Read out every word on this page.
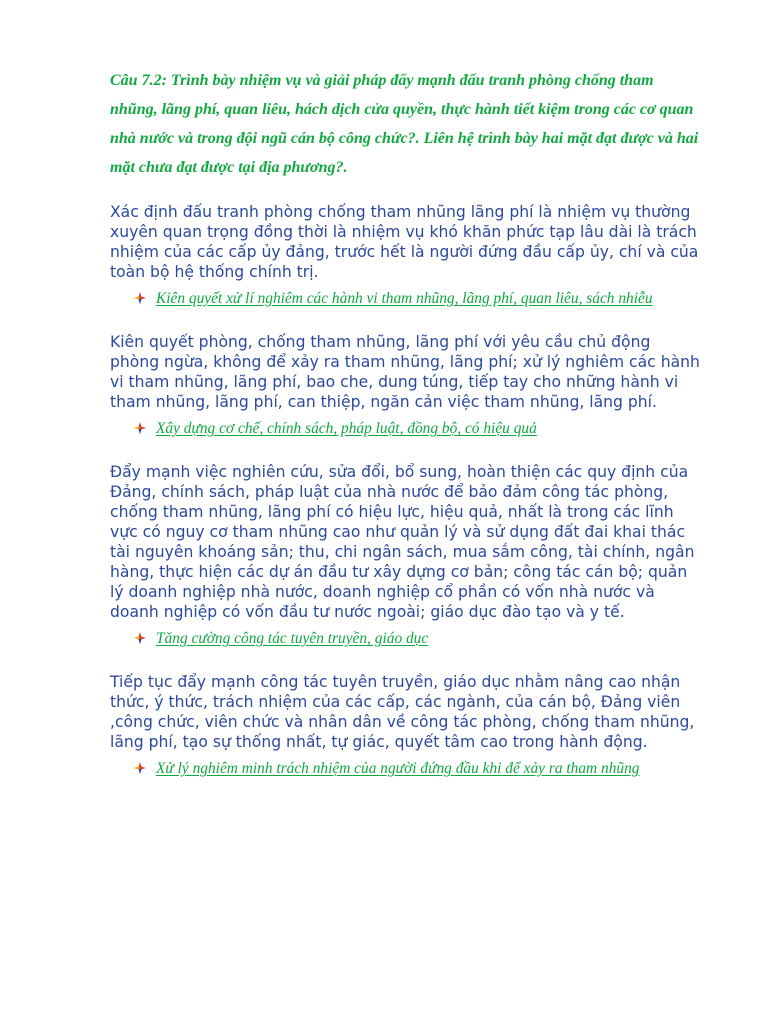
Câu 7.2: Trình bày nhiệm vụ và giải pháp đẩy mạnh đấu tranh phòng chống tham nhũng, lãng phí, quan liêu, hách dịch cửa quyền, thực hành tiết kiệm trong các cơ quan nhà nước và trong đội ngũ cán bộ công chức?. Liên hệ trình bày hai mặt đạt được và hai mặt chưa đạt được tại địa phương?.

Xác định đấu tranh phòng chống tham nhũng lãng phí là nhiệm vụ thường xuyên quan trọng đồng thời là nhiệm vụ khó khăn phức tạp lâu dài là trách nhiệm của các cấp ủy đảng, trước hết là người đứng đầu cấp ủy, chí và của toàn bộ hệ thống chính trị.

Kiên quyết xử lí nghiêm các hành vi tham nhũng, lãng phí, quan liêu, sách nhiễu

Kiên quyết phòng, chống tham nhũng, lãng phí với yêu cầu chủ động phòng ngừa, không để xảy ra tham nhũng, lãng phí; xử lý nghiêm các hành vi tham nhũng, lãng phí, bao che, dung túng, tiếp tay cho những hành vi tham nhũng, lãng phí, can thiệp, ngăn cản việc tham nhũng, lãng phí.

Xây dựng cơ chế, chính sách, pháp luật, đồng bộ, có hiệu quả

Đẩy mạnh việc nghiên cứu, sửa đổi, bổ sung, hoàn thiện các quy định của Đảng, chính sách, pháp luật của nhà nước để bảo đảm công tác phòng, chống tham nhũng, lãng phí có hiệu lực, hiệu quả, nhất là trong các lĩnh vực có nguy cơ tham nhũng cao như quản lý và sử dụng đất đai khai thác tài nguyên khoáng sản; thu, chi ngân sách, mua sắm công, tài chính, ngân hàng, thực hiện các dự án đầu tư xây dựng cơ bản; công tác cán bộ; quản lý doanh nghiệp nhà nước, doanh nghiệp cổ phần có vốn nhà nước và doanh nghiệp có vốn đầu tư nước ngoài; giáo dục đào tạo và y tế.

Tăng cường công tác tuyên truyền, giáo dục

Tiếp tục đẩy mạnh công tác tuyên truyền, giáo dục nhằm nâng cao nhận thức, ý thức, trách nhiệm của các cấp, các ngành, của cán bộ, Đảng viên ,công chức, viên chức và nhân dân về công tác phòng, chống tham nhũng, lãng phí, tạo sự thống nhất, tự giác, quyết tâm cao trong hành động.

Xử lý nghiêm minh trách nhiệm của người đứng đầu khi để xảy ra tham nhũng
